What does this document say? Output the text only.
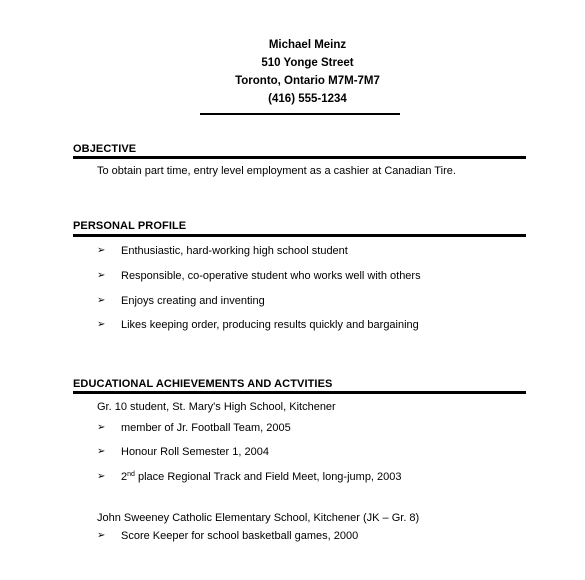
Michael Meinz
510 Yonge Street
Toronto, Ontario M7M-7M7
(416) 555-1234
OBJECTIVE
To obtain part time, entry level employment as a cashier at Canadian Tire.
PERSONAL PROFILE
➢ Enthusiastic, hard-working high school student
➢ Responsible, co-operative student who works well with others
➢ Enjoys creating and inventing
➢ Likes keeping order, producing results quickly and bargaining
EDUCATIONAL ACHIEVEMENTS AND ACTVITIES
Gr. 10 student, St. Mary's High School, Kitchener
➢ member of Jr. Football Team, 2005
➢ Honour Roll Semester 1, 2004
➢ 2nd place Regional Track and Field Meet, long-jump, 2003
John Sweeney Catholic Elementary School, Kitchener (JK – Gr. 8)
➢ Score Keeper for school basketball games, 2000
